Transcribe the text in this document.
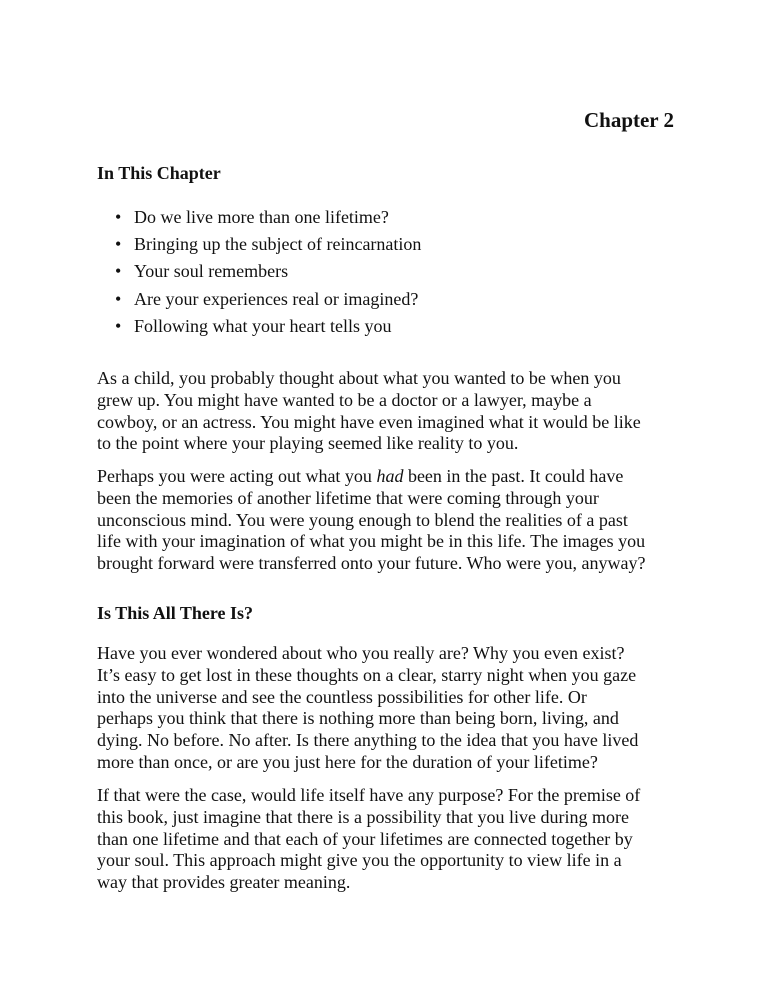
Chapter 2
In This Chapter
• Do we live more than one lifetime?
• Bringing up the subject of reincarnation
• Your soul remembers
• Are your experiences real or imagined?
• Following what your heart tells you

As a child, you probably thought about what you wanted to be when you
grew up. You might have wanted to be a doctor or a lawyer, maybe a
cowboy, or an actress. You might have even imagined what it would be like
to the point where your playing seemed like reality to you.

Perhaps you were acting out what you had been in the past. It could have
been the memories of another lifetime that were coming through your
unconscious mind. You were young enough to blend the realities of a past
life with your imagination of what you might be in this life. The images you
brought forward were transferred onto your future. Who were you, anyway?

Is This All There Is?

Have you ever wondered about who you really are? Why you even exist?
It’s easy to get lost in these thoughts on a clear, starry night when you gaze
into the universe and see the countless possibilities for other life. Or
perhaps you think that there is nothing more than being born, living, and
dying. No before. No after. Is there anything to the idea that you have lived
more than once, or are you just here for the duration of your lifetime?

If that were the case, would life itself have any purpose? For the premise of
this book, just imagine that there is a possibility that you live during more
than one lifetime and that each of your lifetimes are connected together by
your soul. This approach might give you the opportunity to view life in a
way that provides greater meaning.
